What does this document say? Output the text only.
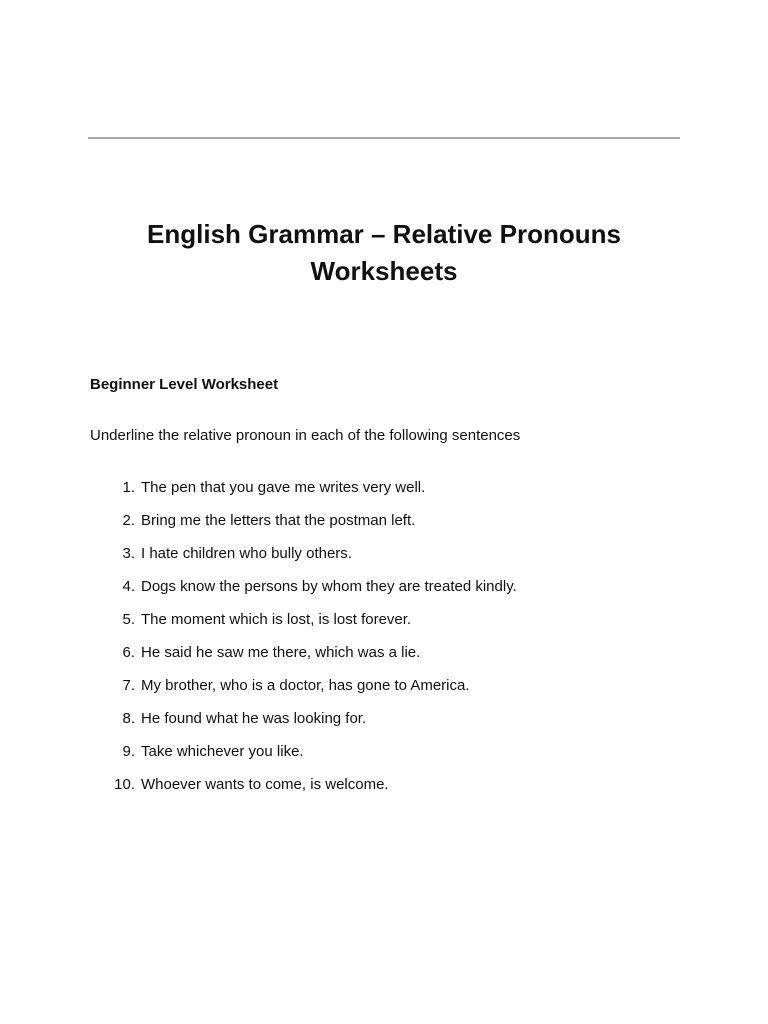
English Grammar – Relative Pronouns
Worksheets
Beginner Level Worksheet
Underline the relative pronoun in each of the following sentences
1. The pen that you gave me writes very well.
2. Bring me the letters that the postman left.
3. I hate children who bully others.
4. Dogs know the persons by whom they are treated kindly.
5. The moment which is lost, is lost forever.
6. He said he saw me there, which was a lie.
7. My brother, who is a doctor, has gone to America.
8. He found what he was looking for.
9. Take whichever you like.
10. Whoever wants to come, is welcome.
